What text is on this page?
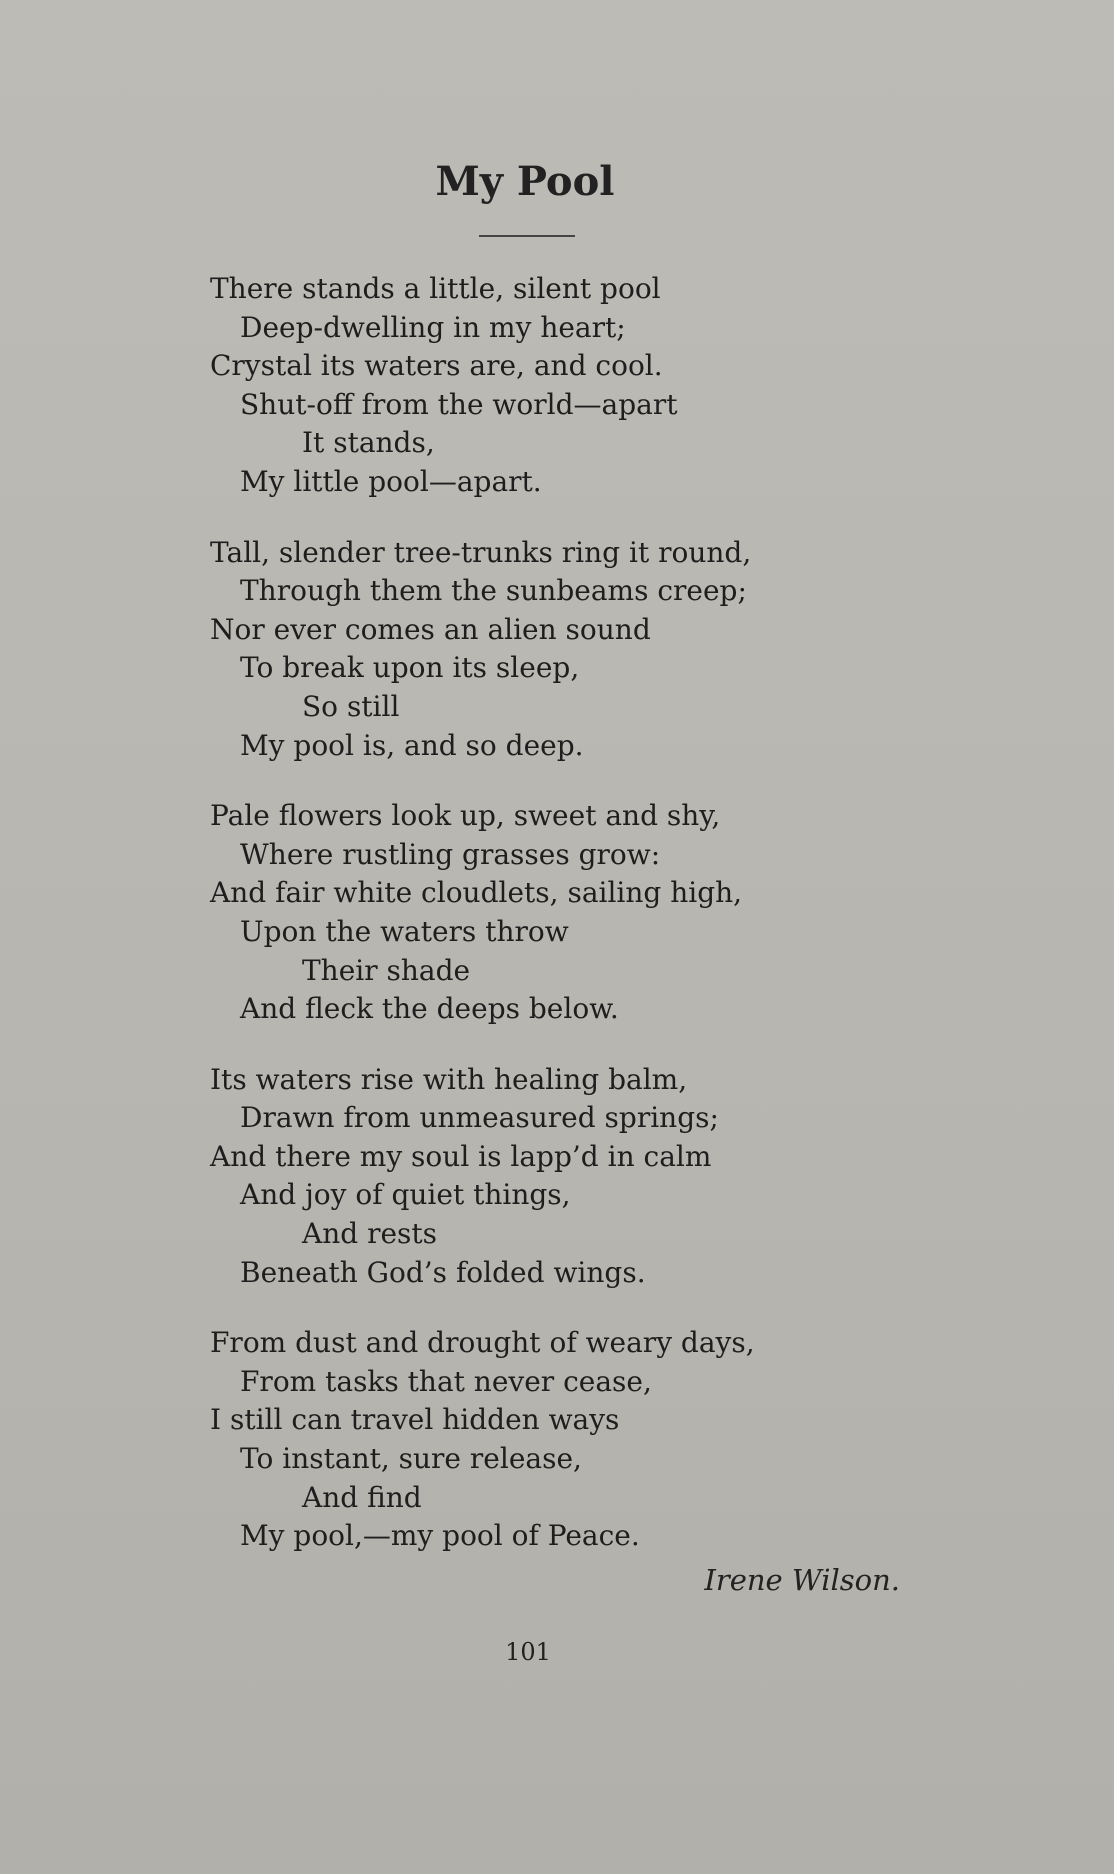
My Pool
There stands a little, silent pool
Deep-dwelling in my heart;
Crystal its waters are, and cool.
Shut-off from the world—apart
It stands,
My little pool—apart.
Tall, slender tree-trunks ring it round,
Through them the sunbeams creep;
Nor ever comes an alien sound
To break upon its sleep,
So still
My pool is, and so deep.
Pale flowers look up, sweet and shy,
Where rustling grasses grow:
And fair white cloudlets, sailing high,
Upon the waters throw
Their shade
And fleck the deeps below.
Its waters rise with healing balm,
Drawn from unmeasured springs;
And there my soul is lapp’d in calm
And joy of quiet things,
And rests
Beneath God’s folded wings.
From dust and drought of weary days,
From tasks that never cease,
I still can travel hidden ways
To instant, sure release,
And find
My pool,—my pool of Peace.
Irene Wilson.
101
